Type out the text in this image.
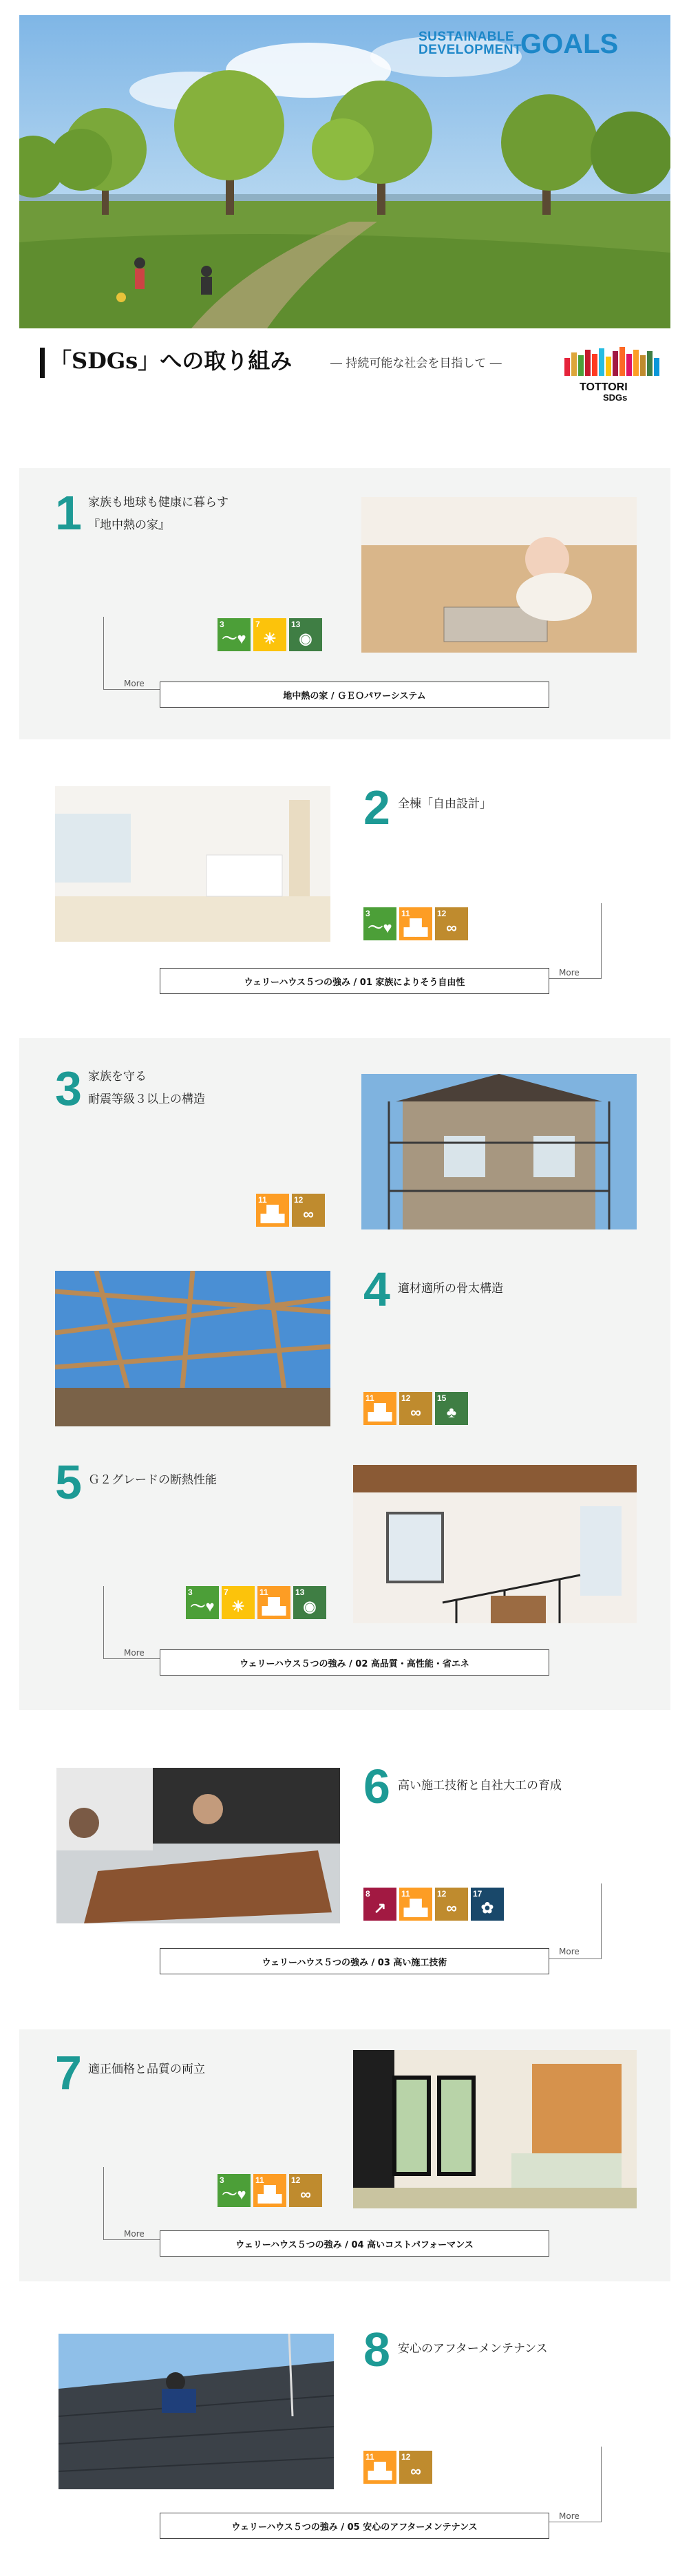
SUSTAINABLE
DEVELOPMENT
GOALS
「SDGs」への取り組み	― 持続可能な社会を目指して ―
TOTTORI
SDGs
1 家族も地球も健康に暮らす
『地中熱の家』
3
〜♥
7
☀
13
◉
More
地中熱の家 / ＧＥＯパワーシステム
2 全棟「自由設計」
3
〜♥
11
▟▙
12
∞
More
ウェリーハウス５つの強み / 01 家族によりそう自由性
3 家族を守る
耐震等級３以上の構造
11
▟▙
12
∞
4 適材適所の骨太構造
11
▟▙
12
∞
15
♣
5 Ｇ２グレードの断熱性能
3
〜♥
7
☀
11
▟▙
13
◉
More
ウェリーハウス５つの強み / 02 高品質・高性能・省エネ
6 高い施工技術と自社大工の育成
8
↗
11
▟▙
12
∞
17
✿
More
ウェリーハウス５つの強み / 03 高い施工技術
7 適正価格と品質の両立
3
〜♥
11
▟▙
12
∞
More
ウェリーハウス５つの強み / 04 高いコストパフォーマンス
8 安心のアフターメンテナンス
11
▟▙
12
∞
More
ウェリーハウス５つの強み / 05 安心のアフターメンテナンス
